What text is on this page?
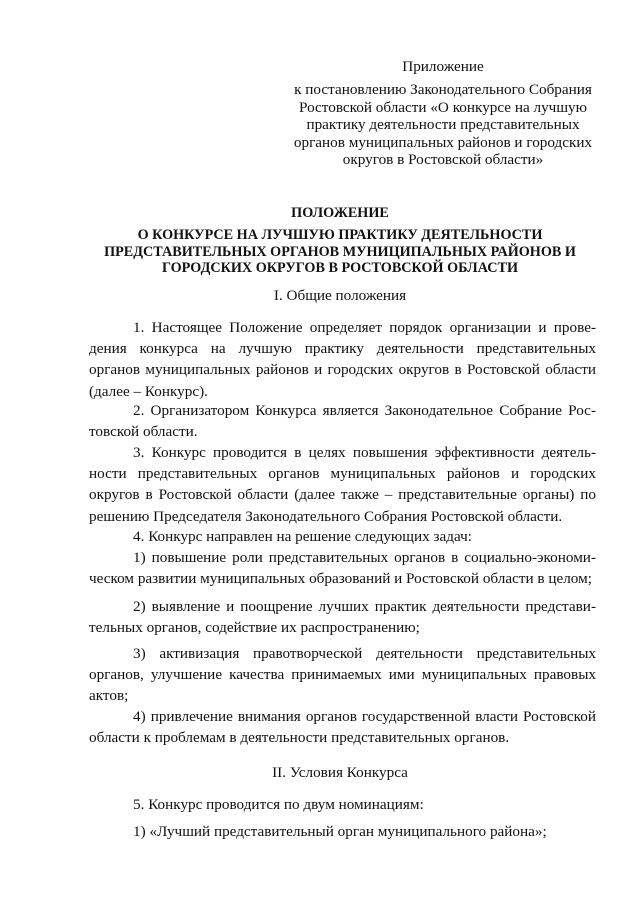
Приложение
к постановлению Законодательного Собрания
Ростовской области «О конкурсе на лучшую
практику деятельности представительных
органов муниципальных районов и городских
округов в Ростовской области»
ПОЛОЖЕНИЕ
О КОНКУРСЕ НА ЛУЧШУЮ ПРАКТИКУ ДЕЯТЕЛЬНОСТИ
ПРЕДСТАВИТЕЛЬНЫХ ОРГАНОВ МУНИЦИПАЛЬНЫХ РАЙОНОВ И
ГОРОДСКИХ ОКРУГОВ В РОСТОВСКОЙ ОБЛАСТИ
I. Общие положения

1. Настоящее Положение определяет порядок организации и проведения конкурса на лучшую практику деятельности представительных органов муниципальных районов и городских округов в Ростовской области (далее – Конкурс).

2. Организатором Конкурса является Законодательное Собрание Ростовской области.

3. Конкурс проводится в целях повышения эффективности деятельности представительных органов муниципальных районов и городских округов в Ростовской области (далее также – представительные органы) по решению Председателя Законодательного Собрания Ростовской области.

4. Конкурс направлен на решение следующих задач:

1) повышение роли представительных органов в социально-экономическом развитии муниципальных образований и Ростовской области в целом;

2) выявление и поощрение лучших практик деятельности представительных органов, содействие их распространению;

3) активизация правотворческой деятельности представительных органов, улучшение качества принимаемых ими муниципальных правовых актов;

4) привлечение внимания органов государственной власти Ростовской области к проблемам в деятельности представительных органов.

II. Условия Конкурса

5. Конкурс проводится по двум номинациям:

1) «Лучший представительный орган муниципального района»;
